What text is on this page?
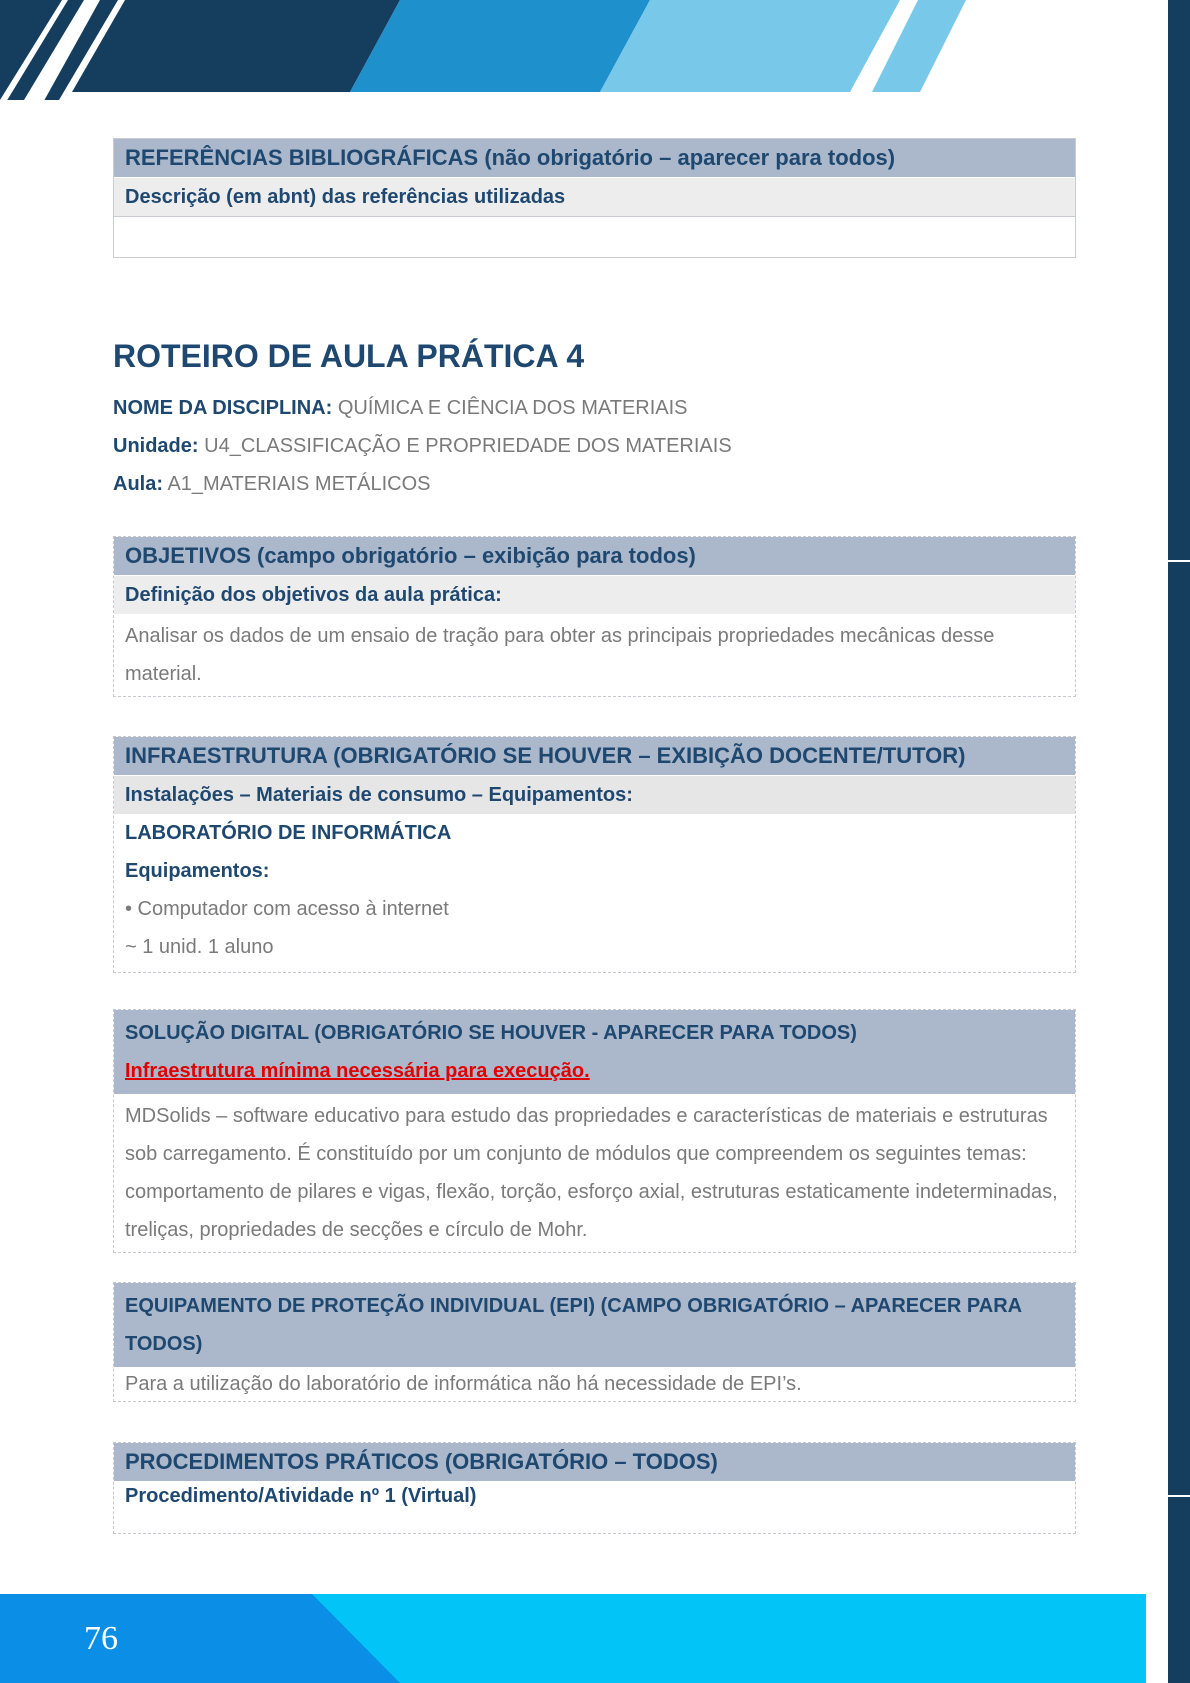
REFERÊNCIAS BIBLIOGRÁFICAS (não obrigatório – aparecer para todos)
Descrição (em abnt) das referências utilizadas
ROTEIRO DE AULA PRÁTICA 4
NOME DA DISCIPLINA: QUÍMICA E CIÊNCIA DOS MATERIAIS
Unidade: U4_CLASSIFICAÇÃO E PROPRIEDADE DOS MATERIAIS
Aula: A1_MATERIAIS METÁLICOS
OBJETIVOS (campo obrigatório – exibição para todos)
Definição dos objetivos da aula prática:
Analisar os dados de um ensaio de tração para obter as principais propriedades mecânicas desse material.
INFRAESTRUTURA (OBRIGATÓRIO SE HOUVER – EXIBIÇÃO DOCENTE/TUTOR)
Instalações – Materiais de consumo – Equipamentos:
LABORATÓRIO DE INFORMÁTICA
Equipamentos:
• Computador com acesso à internet
~ 1 unid. 1 aluno
SOLUÇÃO DIGITAL (OBRIGATÓRIO SE HOUVER - APARECER PARA TODOS)
Infraestrutura mínima necessária para execução.
MDSolids – software educativo para estudo das propriedades e características de materiais e estruturas sob carregamento. É constituído por um conjunto de módulos que compreendem os seguintes temas: comportamento de pilares e vigas, flexão, torção, esforço axial, estruturas estaticamente indeterminadas, treliças, propriedades de secções e círculo de Mohr.
EQUIPAMENTO DE PROTEÇÃO INDIVIDUAL (EPI) (CAMPO OBRIGATÓRIO – APARECER PARA TODOS)
Para a utilização do laboratório de informática não há necessidade de EPI’s.
PROCEDIMENTOS PRÁTICOS (OBRIGATÓRIO – TODOS)
Procedimento/Atividade nº 1 (Virtual)
76
